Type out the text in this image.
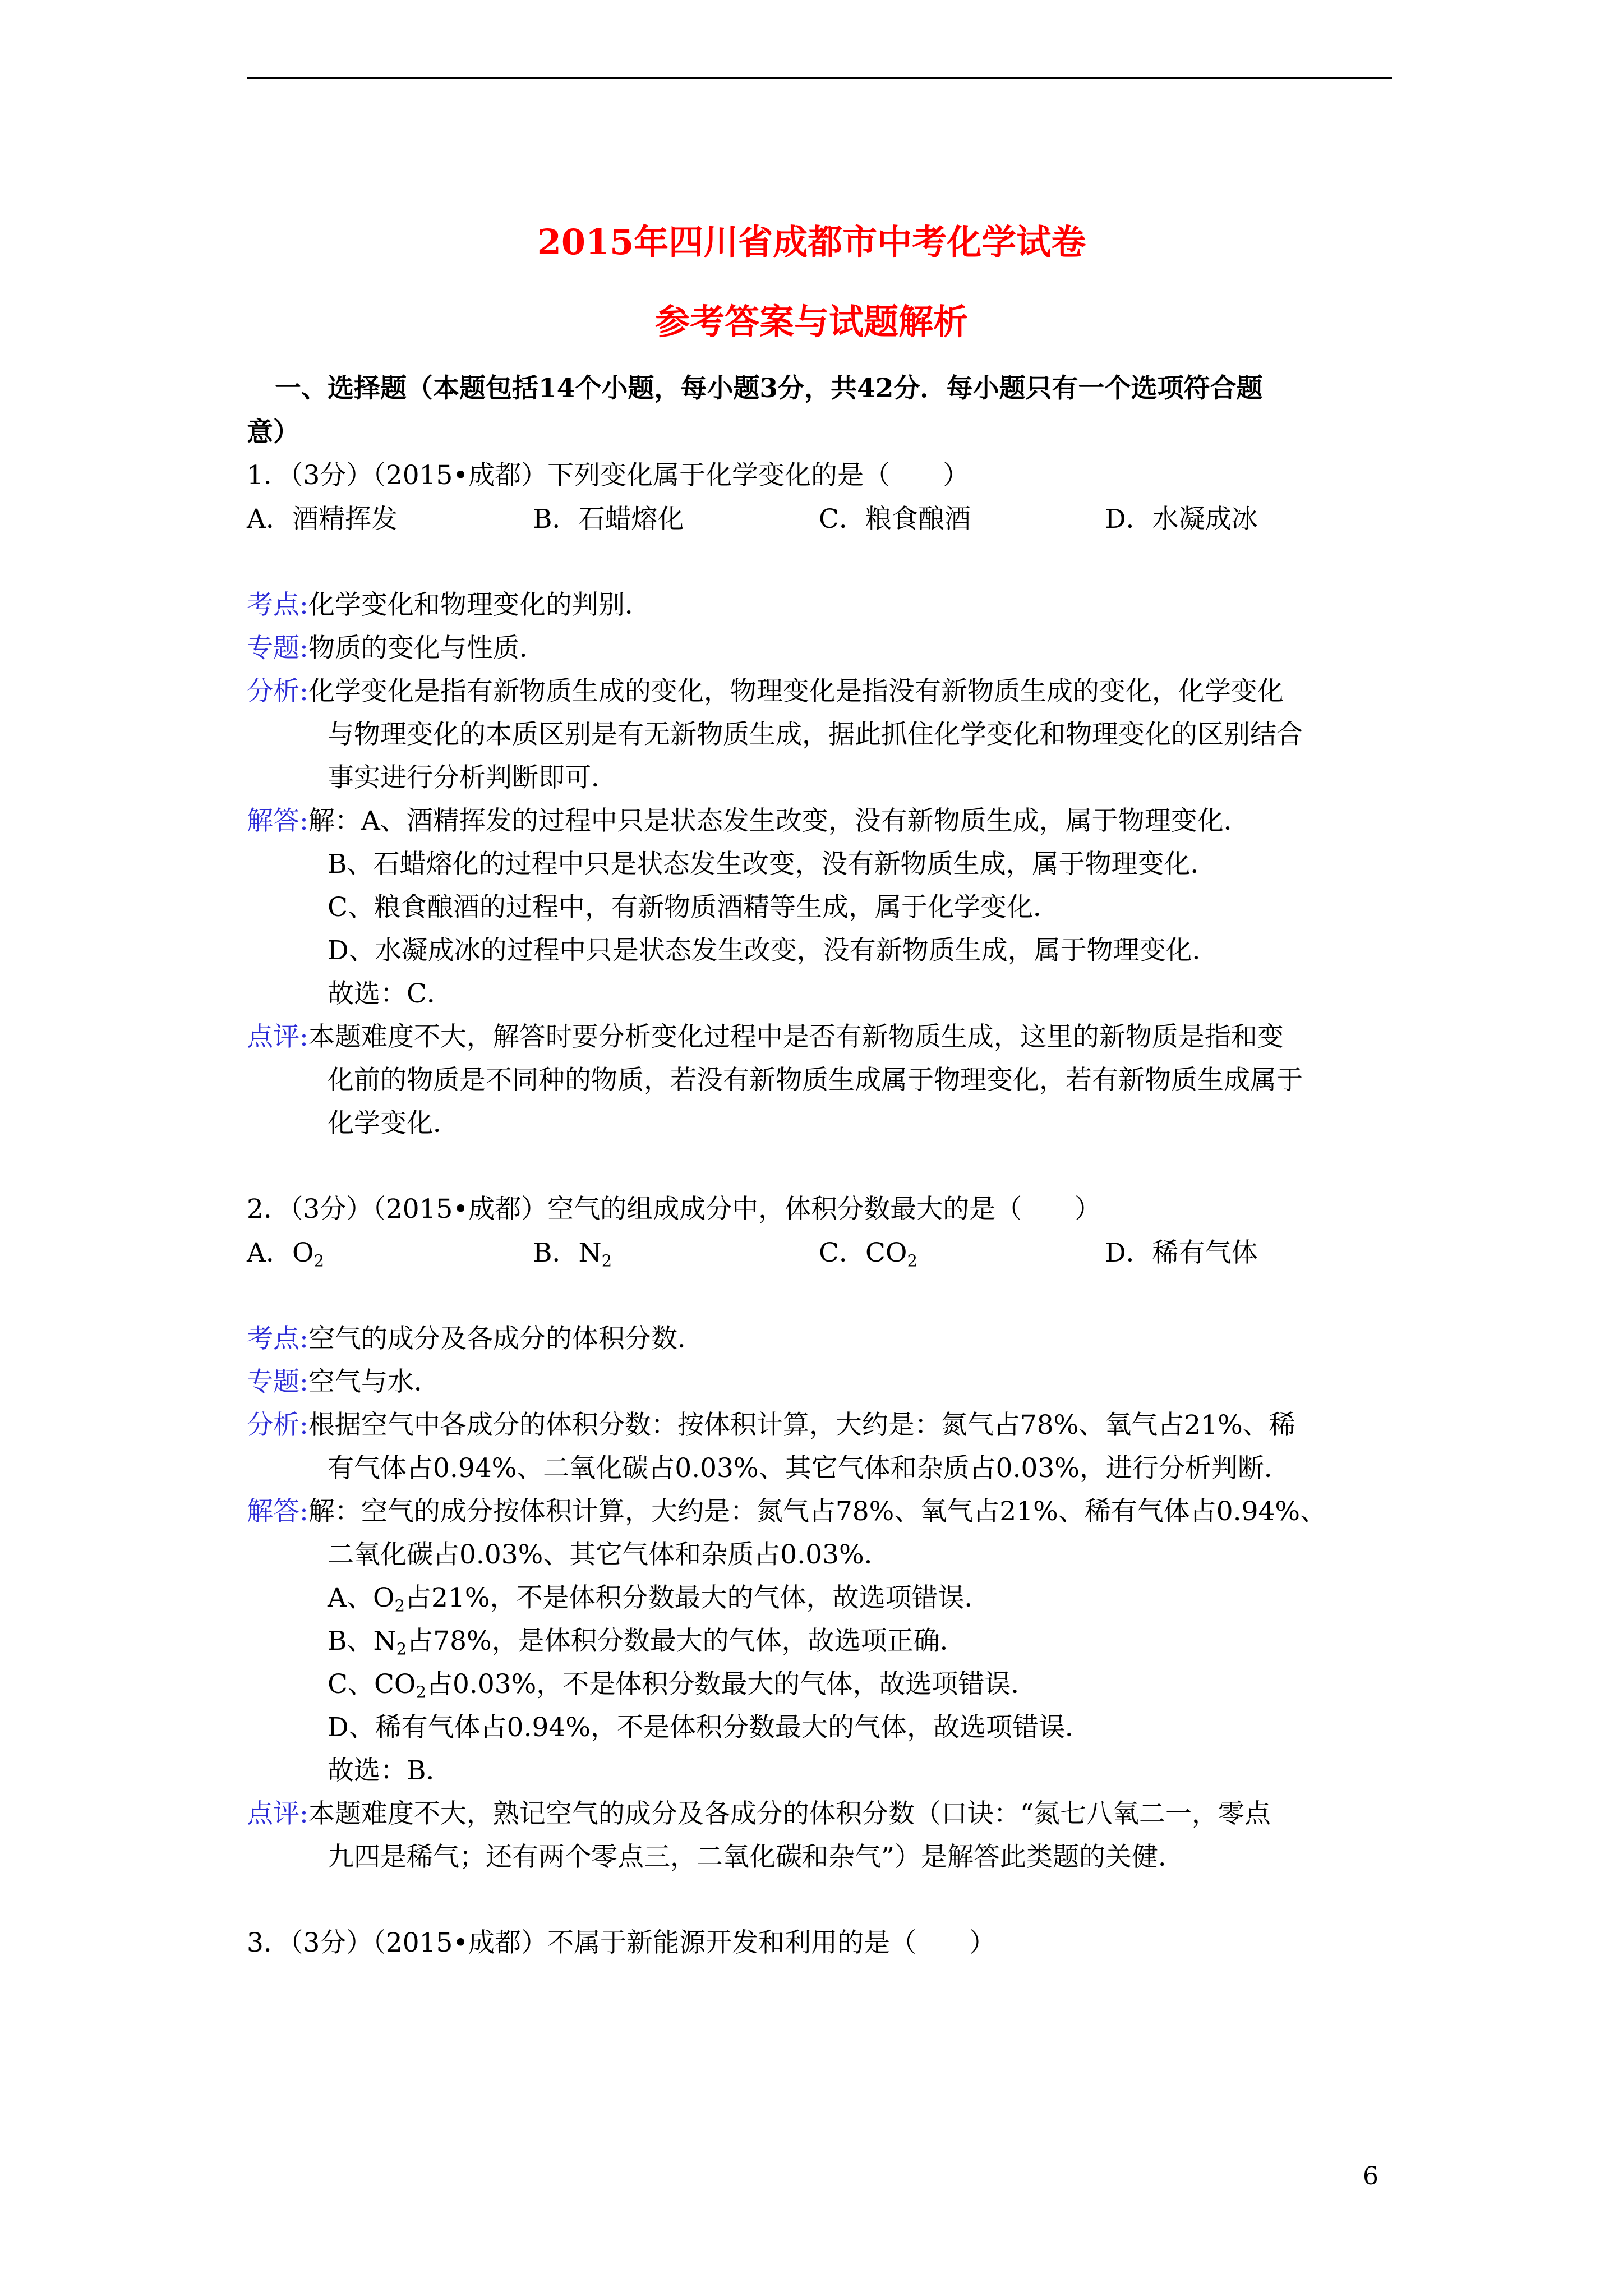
2015年四川省成都市中考化学试卷
参考答案与试题解析
一、选择题（本题包括14个小题，每小题3分，共42分．每小题只有一个选项符合题
意）
1．（3分）（2015•成都）下列变化属于化学变化的是（　　）
A．酒精挥发	B．石蜡熔化	C．粮食酿酒	D．水凝成冰
考点:化学变化和物理变化的判别．
专题:物质的变化与性质．
分析:化学变化是指有新物质生成的变化，物理变化是指没有新物质生成的变化，化学变化
与物理变化的本质区别是有无新物质生成，据此抓住化学变化和物理变化的区别结合
事实进行分析判断即可．
解答:解：A、酒精挥发的过程中只是状态发生改变，没有新物质生成，属于物理变化．
B、石蜡熔化的过程中只是状态发生改变，没有新物质生成，属于物理变化．
C、粮食酿酒的过程中，有新物质酒精等生成，属于化学变化．
D、水凝成冰的过程中只是状态发生改变，没有新物质生成，属于物理变化．
故选：C．
点评:本题难度不大，解答时要分析变化过程中是否有新物质生成，这里的新物质是指和变
化前的物质是不同种的物质，若没有新物质生成属于物理变化，若有新物质生成属于
化学变化．
2．（3分）（2015•成都）空气的组成成分中，体积分数最大的是（　　）
A．$O_2$	B．$N_2$	C．$CO_2$	D．稀有气体
考点:空气的成分及各成分的体积分数．
专题:空气与水．
分析:根据空气中各成分的体积分数：按体积计算，大约是：氮气占78%、氧气占21%、稀
有气体占0.94%、二氧化碳占0.03%、其它气体和杂质占0.03%，进行分析判断．
解答:解：空气的成分按体积计算，大约是：氮气占78%、氧气占21%、稀有气体占0.94%、
二氧化碳占0.03%、其它气体和杂质占0.03%．
A、$O_2$占21%，不是体积分数最大的气体，故选项错误．
B、$N_2$占78%，是体积分数最大的气体，故选项正确．
C、$CO_2$占0.03%，不是体积分数最大的气体，故选项错误．
D、稀有气体占0.94%，不是体积分数最大的气体，故选项错误．
故选：B．
点评:本题难度不大，熟记空气的成分及各成分的体积分数（口诀：“氮七八氧二一，零点
九四是稀气；还有两个零点三，二氧化碳和杂气”）是解答此类题的关健．
3．（3分）（2015•成都）不属于新能源开发和利用的是（　　）
6
